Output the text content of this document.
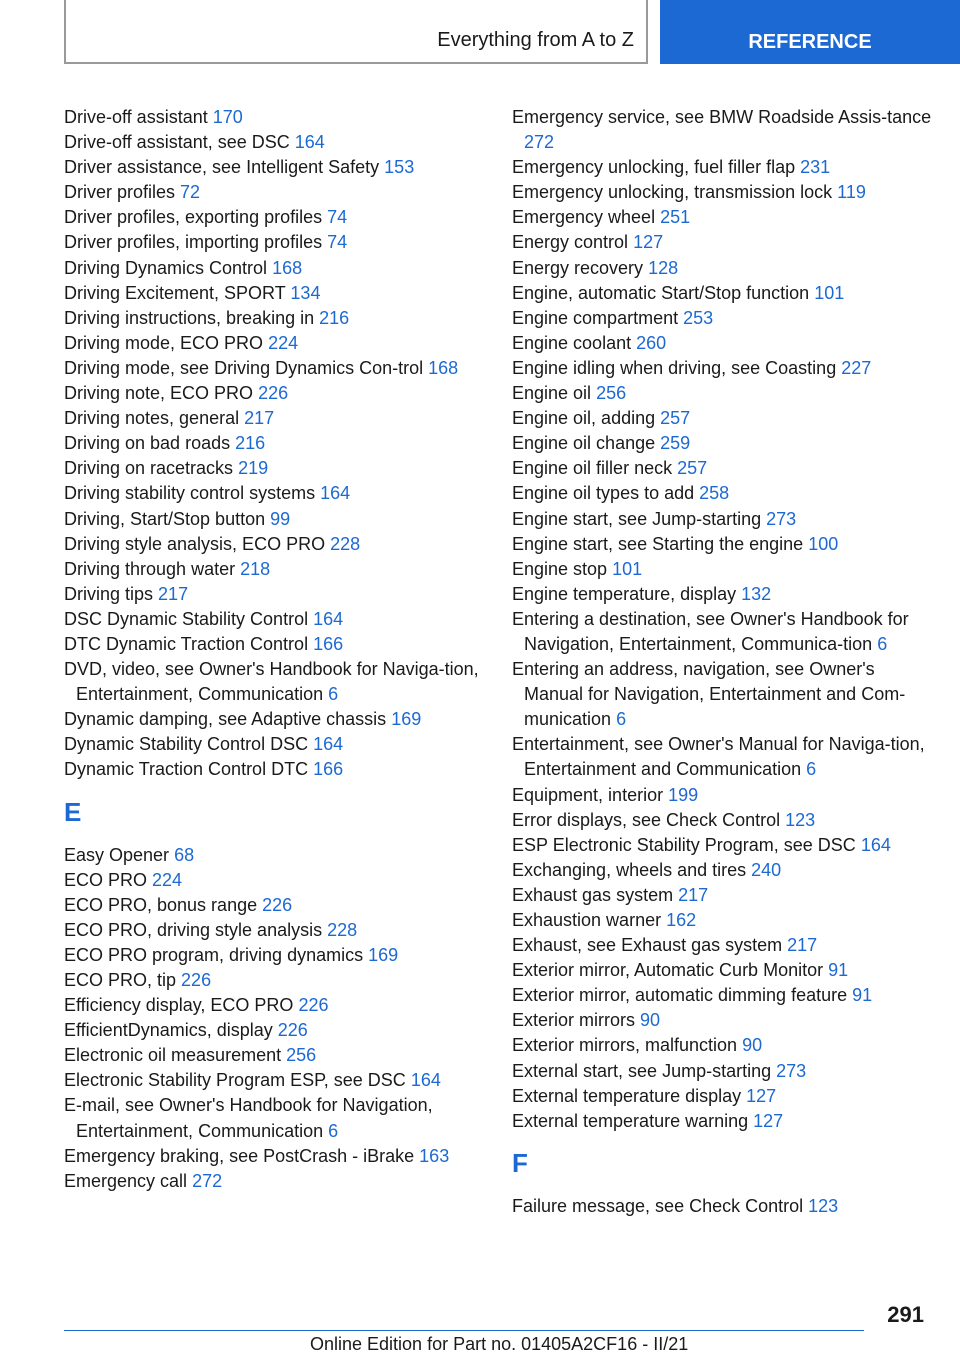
Everything from A to Z	REFERENCE
Drive-off assistant 170
Drive-off assistant, see DSC 164
Driver assistance, see Intelligent Safety 153
Driver profiles 72
Driver profiles, exporting profiles 74
Driver profiles, importing profiles 74
Driving Dynamics Control 168
Driving Excitement, SPORT 134
Driving instructions, breaking in 216
Driving mode, ECO PRO 224
Driving mode, see Driving Dynamics Con‐trol 168
Driving note, ECO PRO 226
Driving notes, general 217
Driving on bad roads 216
Driving on racetracks 219
Driving stability control systems 164
Driving, Start/Stop button 99
Driving style analysis, ECO PRO 228
Driving through water 218
Driving tips 217
DSC Dynamic Stability Control 164
DTC Dynamic Traction Control 166
DVD, video, see Owner's Handbook for Naviga‐tion, Entertainment, Communication 6
Dynamic damping, see Adaptive chassis 169
Dynamic Stability Control DSC 164
Dynamic Traction Control DTC 166
E
Easy Opener 68
ECO PRO 224
ECO PRO, bonus range 226
ECO PRO, driving style analysis 228
ECO PRO program, driving dynamics 169
ECO PRO, tip 226
Efficiency display, ECO PRO 226
EfficientDynamics, display 226
Electronic oil measurement 256
Electronic Stability Program ESP, see DSC 164
E-mail, see Owner's Handbook for Navigation, Entertainment, Communication 6
Emergency braking, see PostCrash - iBrake 163
Emergency call 272
Emergency service, see BMW Roadside Assis‐tance 272
Emergency unlocking, fuel filler flap 231
Emergency unlocking, transmission lock 119
Emergency wheel 251
Energy control 127
Energy recovery 128
Engine, automatic Start/Stop function 101
Engine compartment 253
Engine coolant 260
Engine idling when driving, see Coasting 227
Engine oil 256
Engine oil, adding 257
Engine oil change 259
Engine oil filler neck 257
Engine oil types to add 258
Engine start, see Jump-starting 273
Engine start, see Starting the engine 100
Engine stop 101
Engine temperature, display 132
Entering a destination, see Owner's Handbook for Navigation, Entertainment, Communica‐tion 6
Entering an address, navigation, see Owner's Manual for Navigation, Entertainment and Com‐munication 6
Entertainment, see Owner's Manual for Naviga‐tion, Entertainment and Communication 6
Equipment, interior 199
Error displays, see Check Control 123
ESP Electronic Stability Program, see DSC 164
Exchanging, wheels and tires 240
Exhaust gas system 217
Exhaustion warner 162
Exhaust, see Exhaust gas system 217
Exterior mirror, Automatic Curb Monitor 91
Exterior mirror, automatic dimming feature 91
Exterior mirrors 90
Exterior mirrors, malfunction 90
External start, see Jump-starting 273
External temperature display 127
External temperature warning 127
F
Failure message, see Check Control 123
291
Online Edition for Part no. 01405A2CF16 - II/21
